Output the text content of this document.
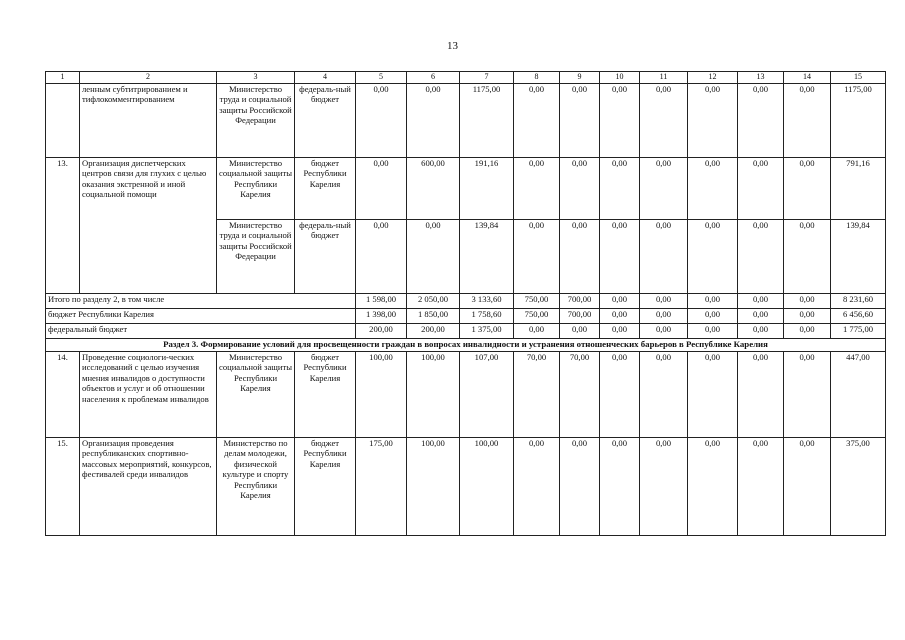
13
1	2	3	4	5	6	7	8	9	10	11	12	13	14	15
	ленным субтитрированием и тифлокомментированием	Министерство труда и социальной защиты Российской Федерации	федераль-ный бюджет	0,00	0,00	1175,00	0,00	0,00	0,00	0,00	0,00	0,00	0,00	1175,00
13.	Организация диспетчерских центров связи для глухих с целью оказания экстренной и иной социальной помощи	Министерство социальной защиты Республики Карелия	бюджет Республики Карелия	0,00	600,00	191,16	0,00	0,00	0,00	0,00	0,00	0,00	0,00	791,16
		Министерство труда и социальной защиты Российской Федерации	федераль-ный бюджет	0,00	0,00	139,84	0,00	0,00	0,00	0,00	0,00	0,00	0,00	139,84
Итого по разделу 2, в том числе				1 598,00	2 050,00	3 133,60	750,00	700,00	0,00	0,00	0,00	0,00	0,00	8 231,60
бюджет Республики Карелия				1 398,00	1 850,00	1 758,60	750,00	700,00	0,00	0,00	0,00	0,00	0,00	6 456,60
федеральный бюджет				200,00	200,00	1 375,00	0,00	0,00	0,00	0,00	0,00	0,00	0,00	1 775,00
Раздел 3. Формирование условий для просвещенности граждан в вопросах инвалидности и устранения отношенческих барьеров в Республике Карелия														
14.	Проведение социологи-ческих исследований с целью изучения мнения инвалидов о доступности объектов и услуг и об отношении населения к проблемам инвалидов	Министерство социальной защиты Республики Карелия	бюджет Республики Карелия	100,00	100,00	107,00	70,00	70,00	0,00	0,00	0,00	0,00	0,00	447,00
15.	Организация проведения республиканских спортивно-массовых мероприятий, конкурсов, фестивалей среди инвалидов	Министерство по делам молодежи, физической культуре и спорту Республики Карелия	бюджет Республики Карелия	175,00	100,00	100,00	0,00	0,00	0,00	0,00	0,00	0,00	0,00	375,00
